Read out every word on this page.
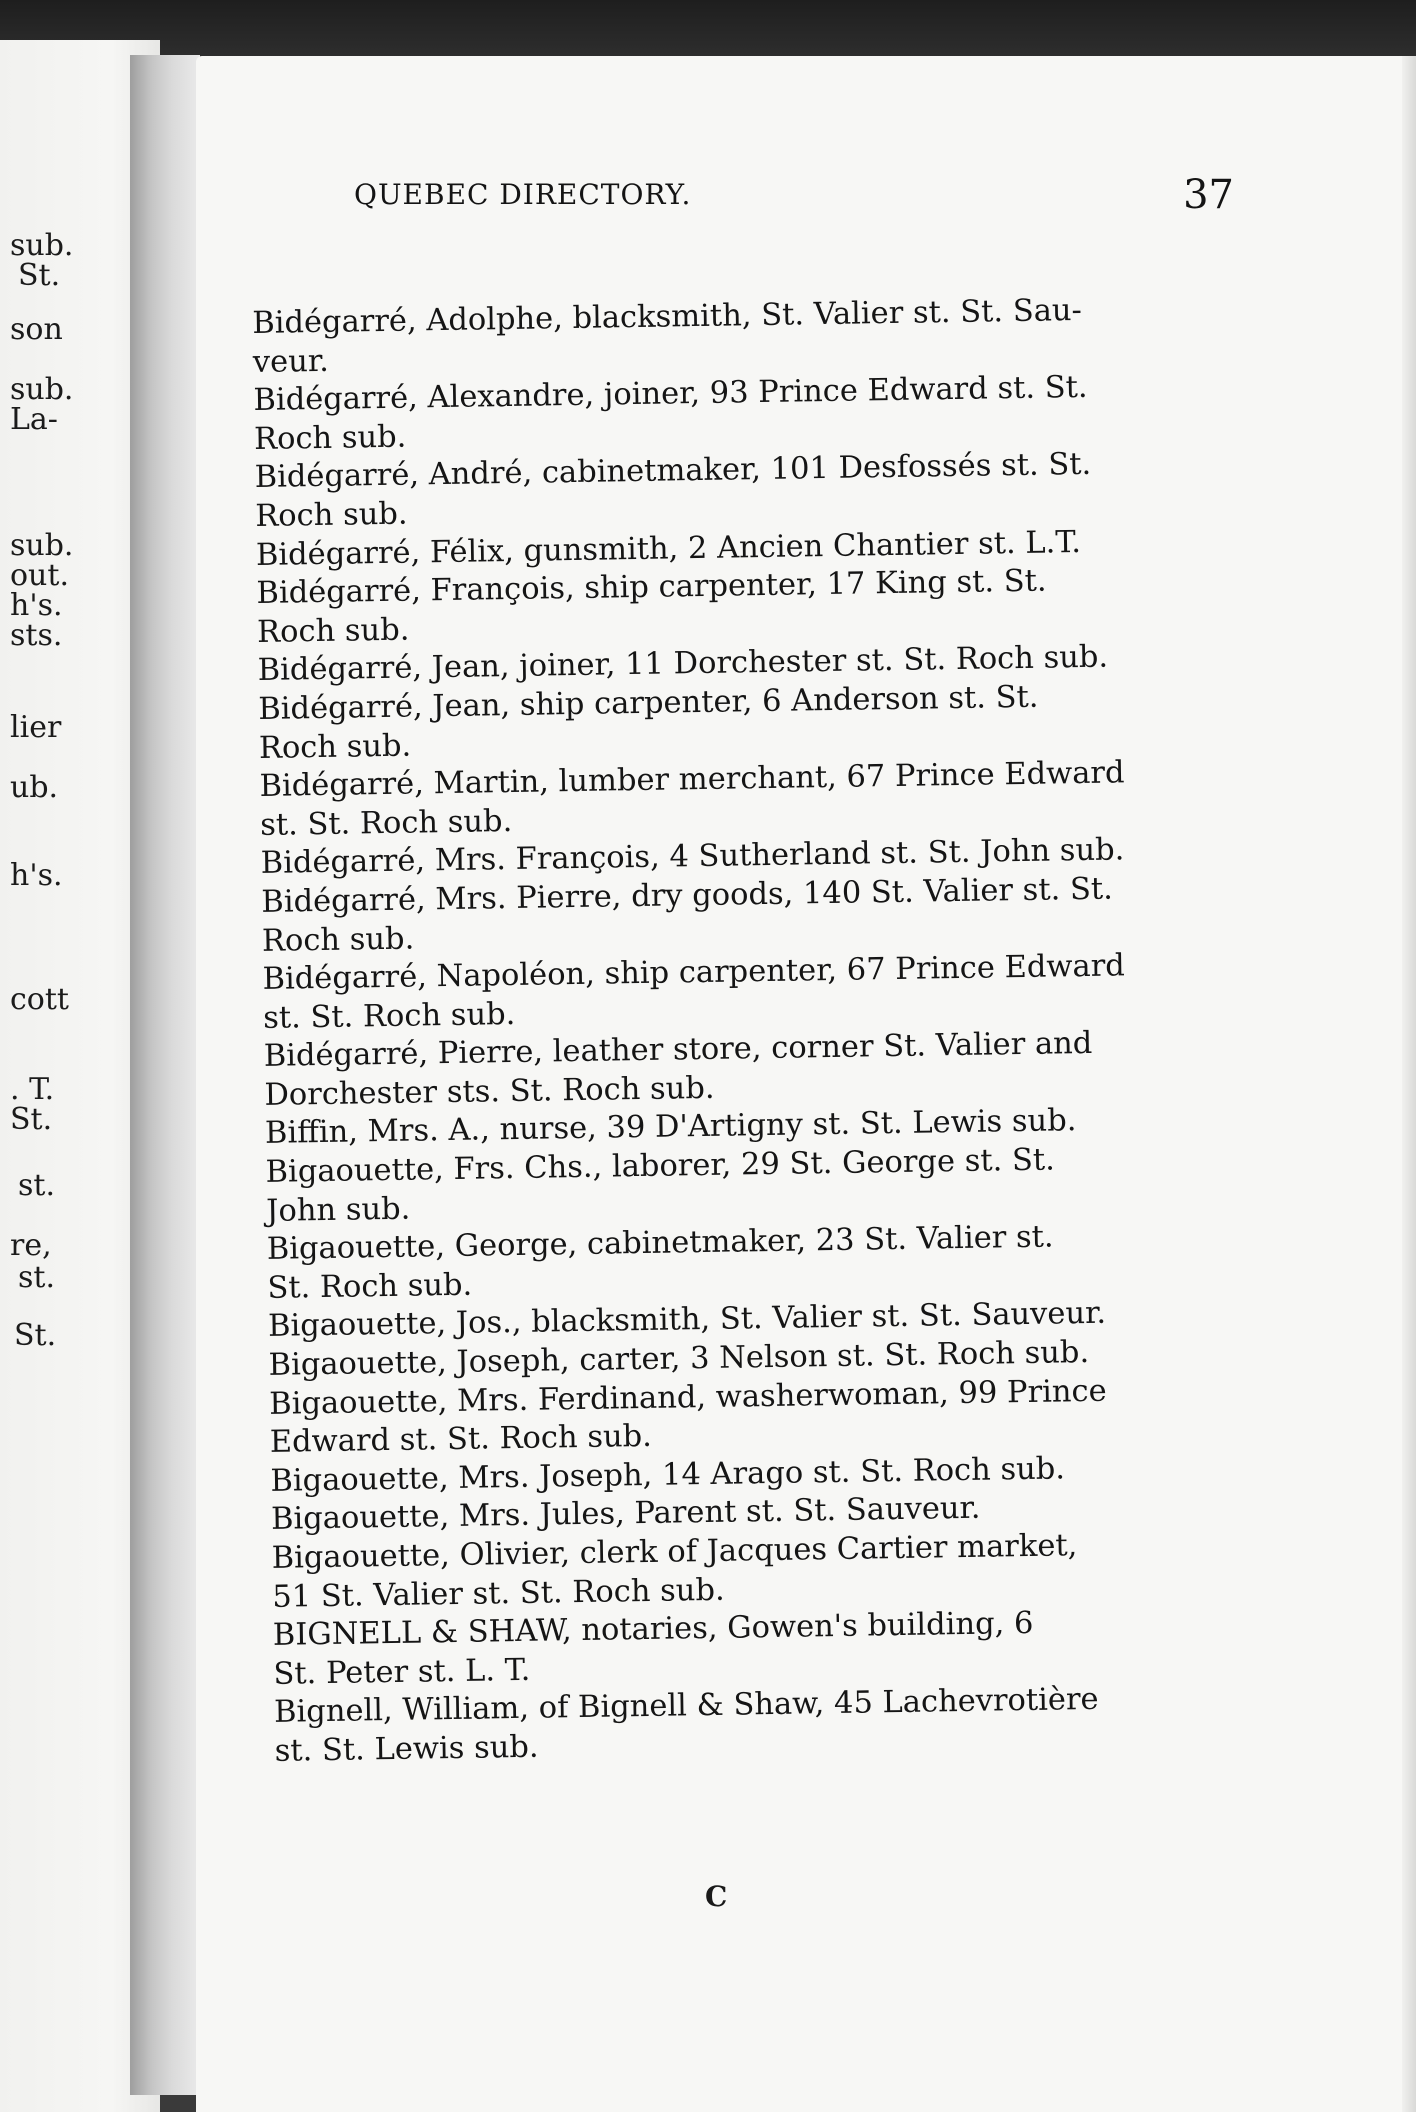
sub.
St.
son
sub.
La-
sub.
out.
h's.
sts.
lier
ub.
h's.
cott
. T.
St.
st.
re,
st.
St.
QUEBEC DIRECTORY.	37

Bidégarré, Adolphe, blacksmith, St. Valier st. St. Sau-
veur.

Bidégarré, Alexandre, joiner, 93 Prince Edward st. St.
Roch sub.

Bidégarré, André, cabinetmaker, 101 Desfossés st. St.
Roch sub.

Bidégarré, Félix, gunsmith, 2 Ancien Chantier st. L.T.

Bidégarré, François, ship carpenter, 17 King st. St.
Roch sub.

Bidégarré, Jean, joiner, 11 Dorchester st. St. Roch sub.

Bidégarré, Jean, ship carpenter, 6 Anderson st. St.
Roch sub.

Bidégarré, Martin, lumber merchant, 67 Prince Edward
st. St. Roch sub.

Bidégarré, Mrs. François, 4 Sutherland st. St. John sub.

Bidégarré, Mrs. Pierre, dry goods, 140 St. Valier st. St.
Roch sub.

Bidégarré, Napoléon, ship carpenter, 67 Prince Edward
st. St. Roch sub.

Bidégarré, Pierre, leather store, corner St. Valier and
Dorchester sts. St. Roch sub.

Biffin, Mrs. A., nurse, 39 D'Artigny st. St. Lewis sub.

Bigaouette, Frs. Chs., laborer, 29 St. George st. St.
John sub.

Bigaouette, George, cabinetmaker, 23 St. Valier st.
St. Roch sub.

Bigaouette, Jos., blacksmith, St. Valier st. St. Sauveur.

Bigaouette, Joseph, carter, 3 Nelson st. St. Roch sub.

Bigaouette, Mrs. Ferdinand, washerwoman, 99 Prince
Edward st. St. Roch sub.

Bigaouette, Mrs. Joseph, 14 Arago st. St. Roch sub.

Bigaouette, Mrs. Jules, Parent st. St. Sauveur.

Bigaouette, Olivier, clerk of Jacques Cartier market,
51 St. Valier st. St. Roch sub.

BIGNELL & SHAW, notaries, Gowen's building, 6
St. Peter st. L. T.

Bignell, William, of Bignell & Shaw, 45 Lachevrotière
st. St. Lewis sub.

C
